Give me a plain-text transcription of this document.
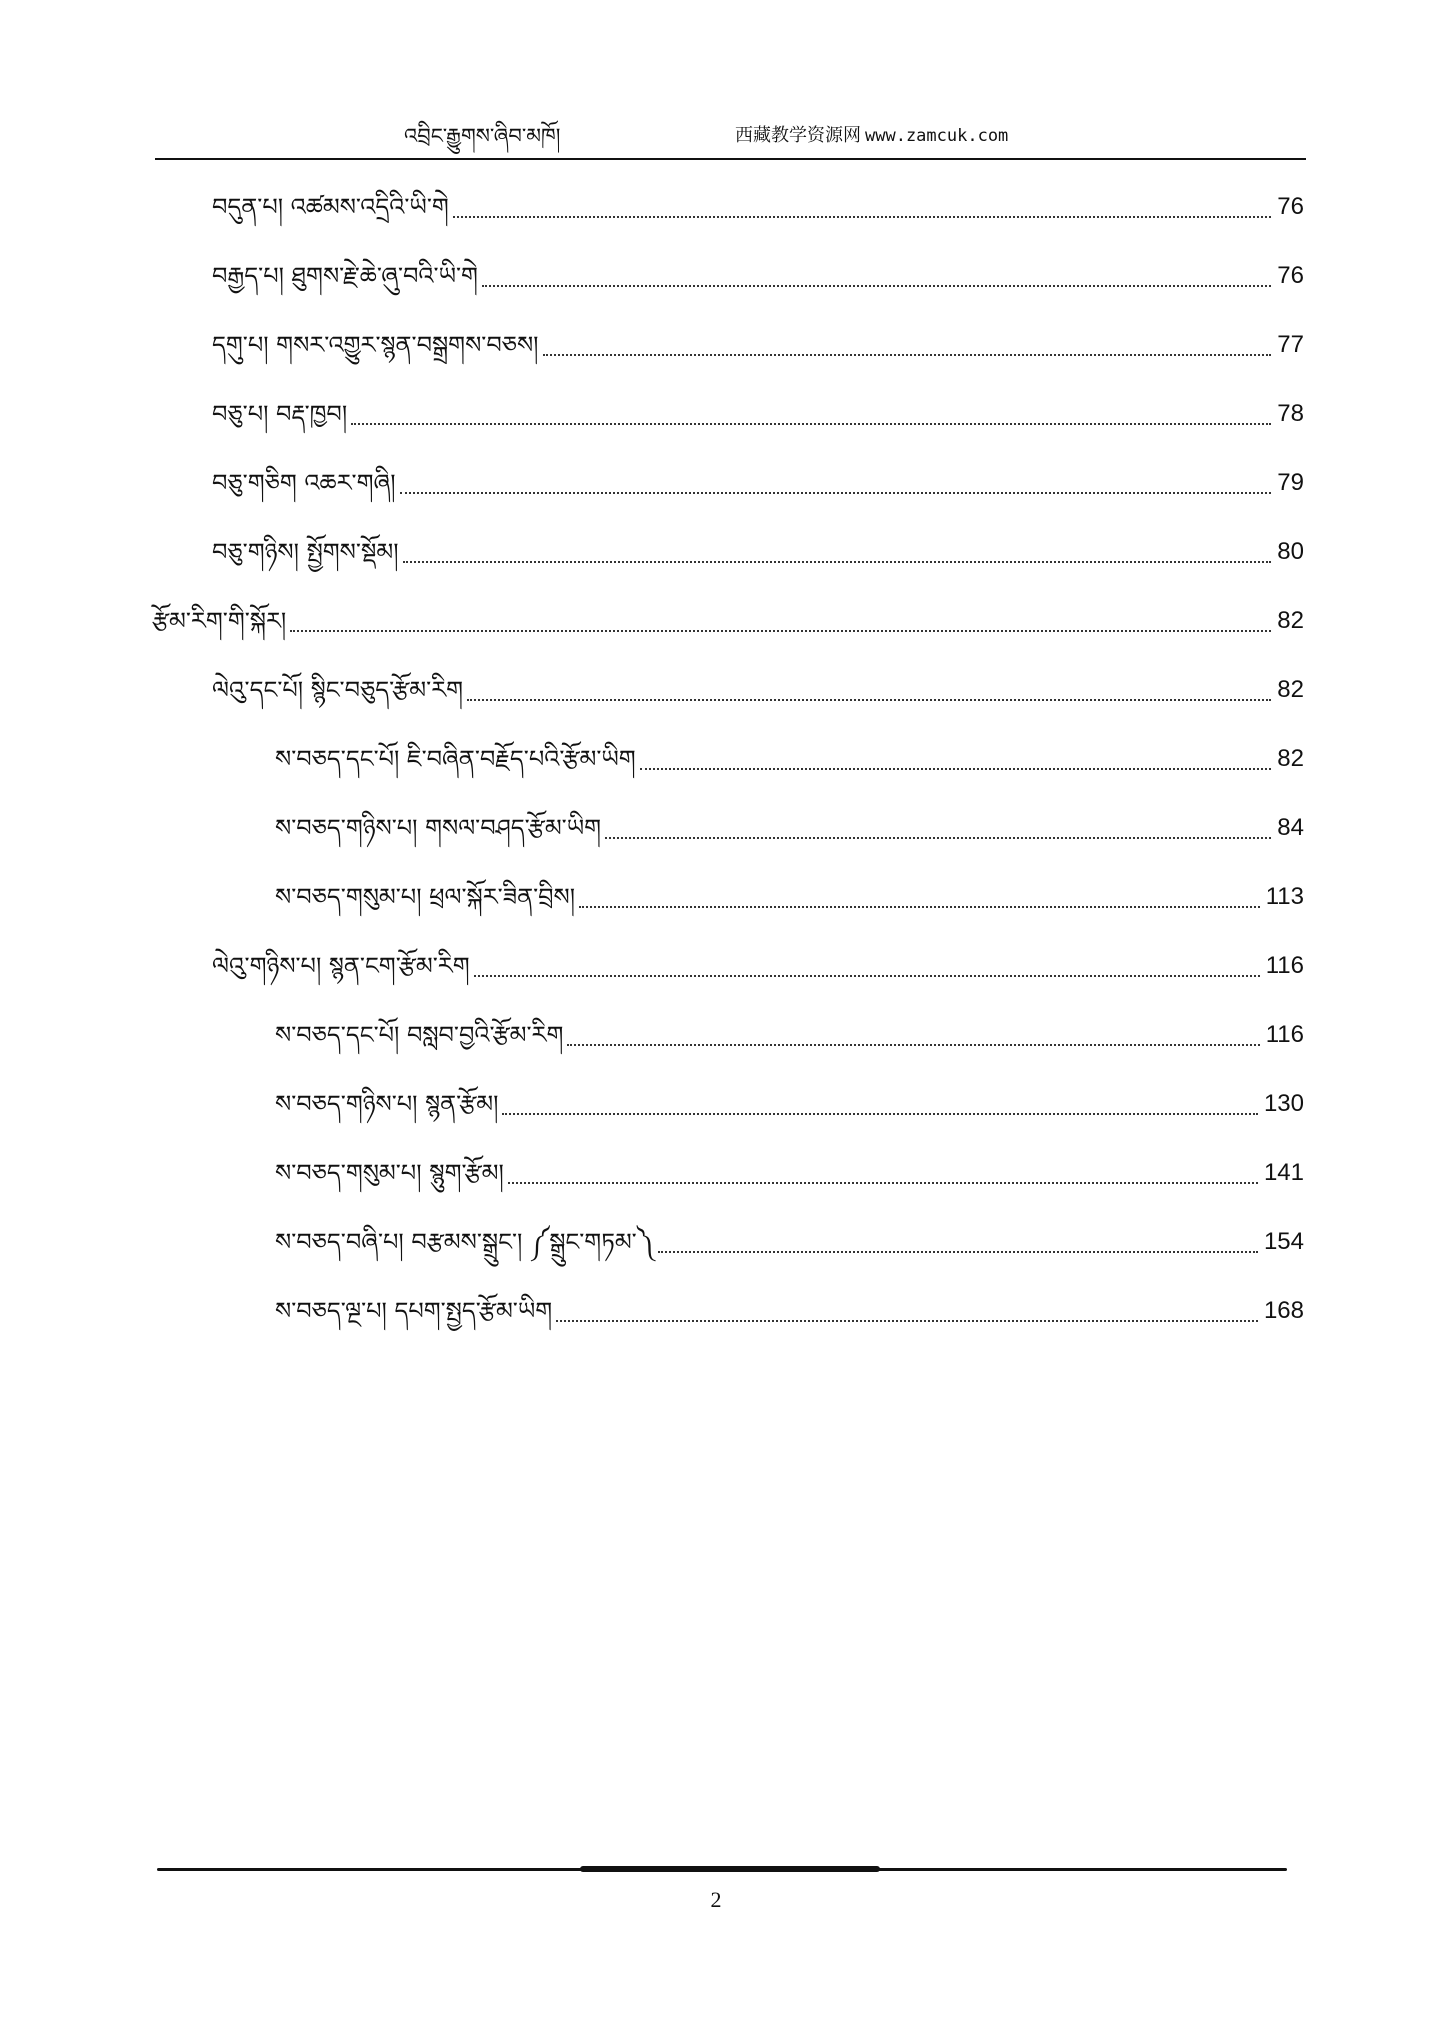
འབྲིང་རྒྱུགས་ཞིབ་མཁོ།	西藏教学资源网 www.zamcuk.com
བདུན་པ། འཚམས་འདྲིའི་ཡི་གེ	76
བརྒྱད་པ། ཐུགས་རྗེ་ཆེ་ཞུ་བའི་ཡི་གེ	76
དགུ་པ། གསར་འགྱུར་སྙན་བསྒྲགས་བཅས།	77
བཅུ་པ། བརྡ་ཁྱབ།	78
བཅུ་གཅིག འཆར་གཞི།	79
བཅུ་གཉིས། སྤྱོགས་སྡོམ།	80
རྩོམ་རིག་གི་སྐོར།	82
ལེའུ་དང་པོ། སྙིང་བཅུད་རྩོམ་རིག	82
ས་བཅད་དང་པོ། ཇི་བཞིན་བརྗོད་པའི་རྩོམ་ཡིག	82
ས་བཅད་གཉིས་པ། གསལ་བཤད་རྩོམ་ཡིག	84
ས་བཅད་གསུམ་པ། ཕྲལ་སྐོར་ཟིན་བྲིས།	113
ལེའུ་གཉིས་པ། སྙན་ངག་རྩོམ་རིག	116
ས་བཅད་དང་པོ། བསླབ་བྱའི་རྩོམ་རིག	116
ས་བཅད་གཉིས་པ། སྙན་རྩོམ།	130
ས་བཅད་གསུམ་པ། སྙུག་རྩོམ།	141
ས་བཅད་བཞི་པ། བརྩམས་སྒྲུང་། ༼སྒྲུང་གཏམ་༽	154
ས་བཅད་ལྔ་པ། དཔག་སྤྱད་རྩོམ་ཡིག	168
2
